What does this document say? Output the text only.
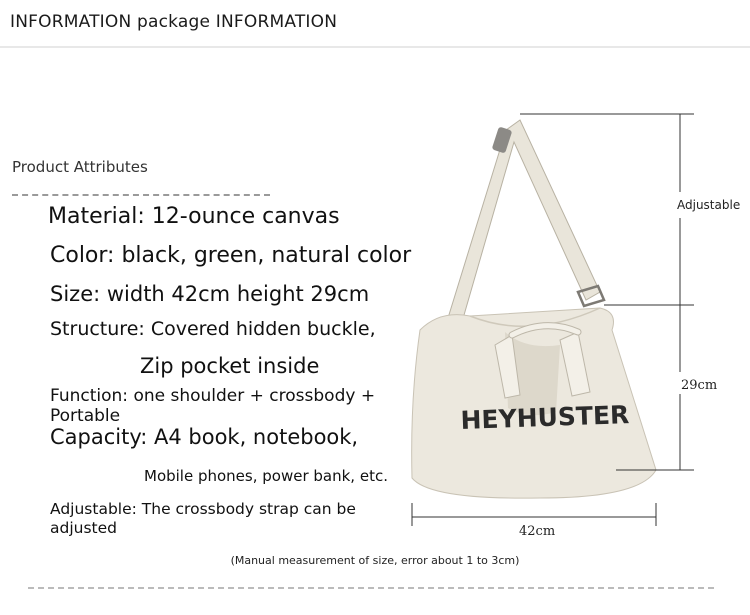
INFORMATION package INFORMATION
Product Attributes
Material: 12-ounce canvas
Color: black, green, natural color
Size: width 42cm height 29cm
Structure: Covered hidden buckle,
Zip pocket inside
Function: one shoulder + crossbody + Portable
Capacity: A4 book, notebook,
Mobile phones, power bank, etc.
Adjustable: The crossbody strap can be adjusted
HEYHUSTER
Adjustable
29cm
42cm
(Manual measurement of size, error about 1 to 3cm)
